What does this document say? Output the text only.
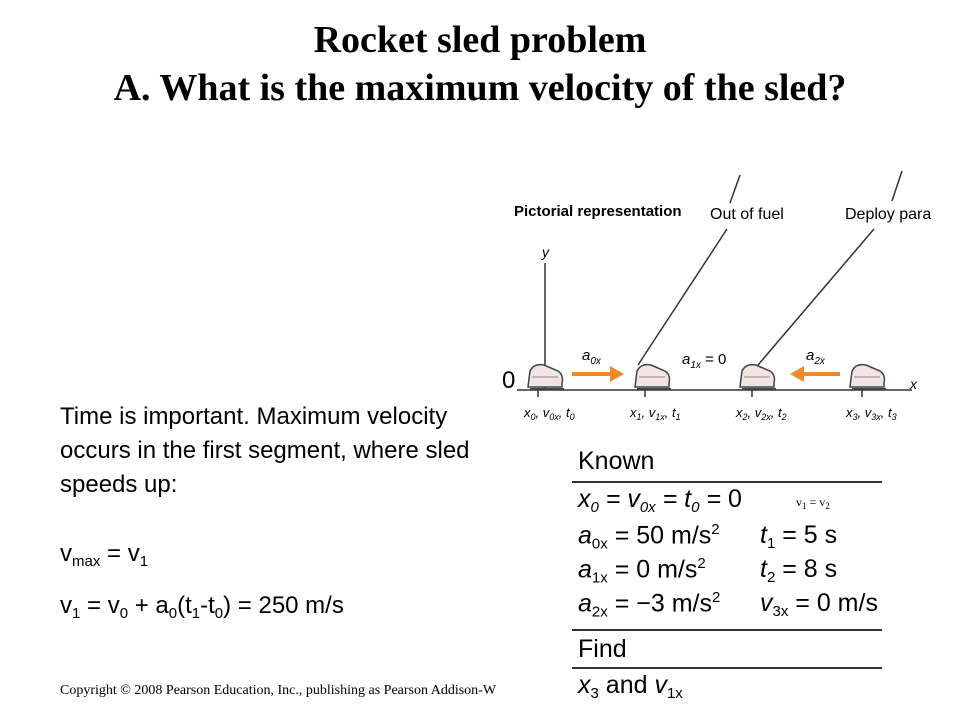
Rocket sled problem
A. What is the maximum velocity of the sled?
Time is important. Maximum velocity occurs in the first segment, where sled speeds up:
$v_{max} = v_1$
$v_1 = v_0 + a_0(t_1-t_0) = 250$ m/s
Copyright © 2008 Pearson Education, Inc., publishing as Pearson Addison-W
Pictorial representation Out of fuel	Deploy para
y
x
$a_{0x}$	$a_{1x} = 0$	$a_{2x}$
$x_0$, $v_{0x}$, $t_0$	$x_1$, $v_{1x}$, $t_1$	$x_2$, $v_{2x}$, $t_2$	$x_3$, $v_{3x}$, $t_3$
0
Known
$x_0 = v_{0x} = t_0 = 0$	$v_1 = v_2$
$a_{0x} = 50$ $m/s^2$ $t_1 = 5$ s
$a_{1x} = 0$ $m/s^2$ $t_2 = 8$ s
$a_{2x} = -3$ $m/s^2$ $v_{3x} = 0$ m/s
Find
$x_3$ and $v_{1x}$
